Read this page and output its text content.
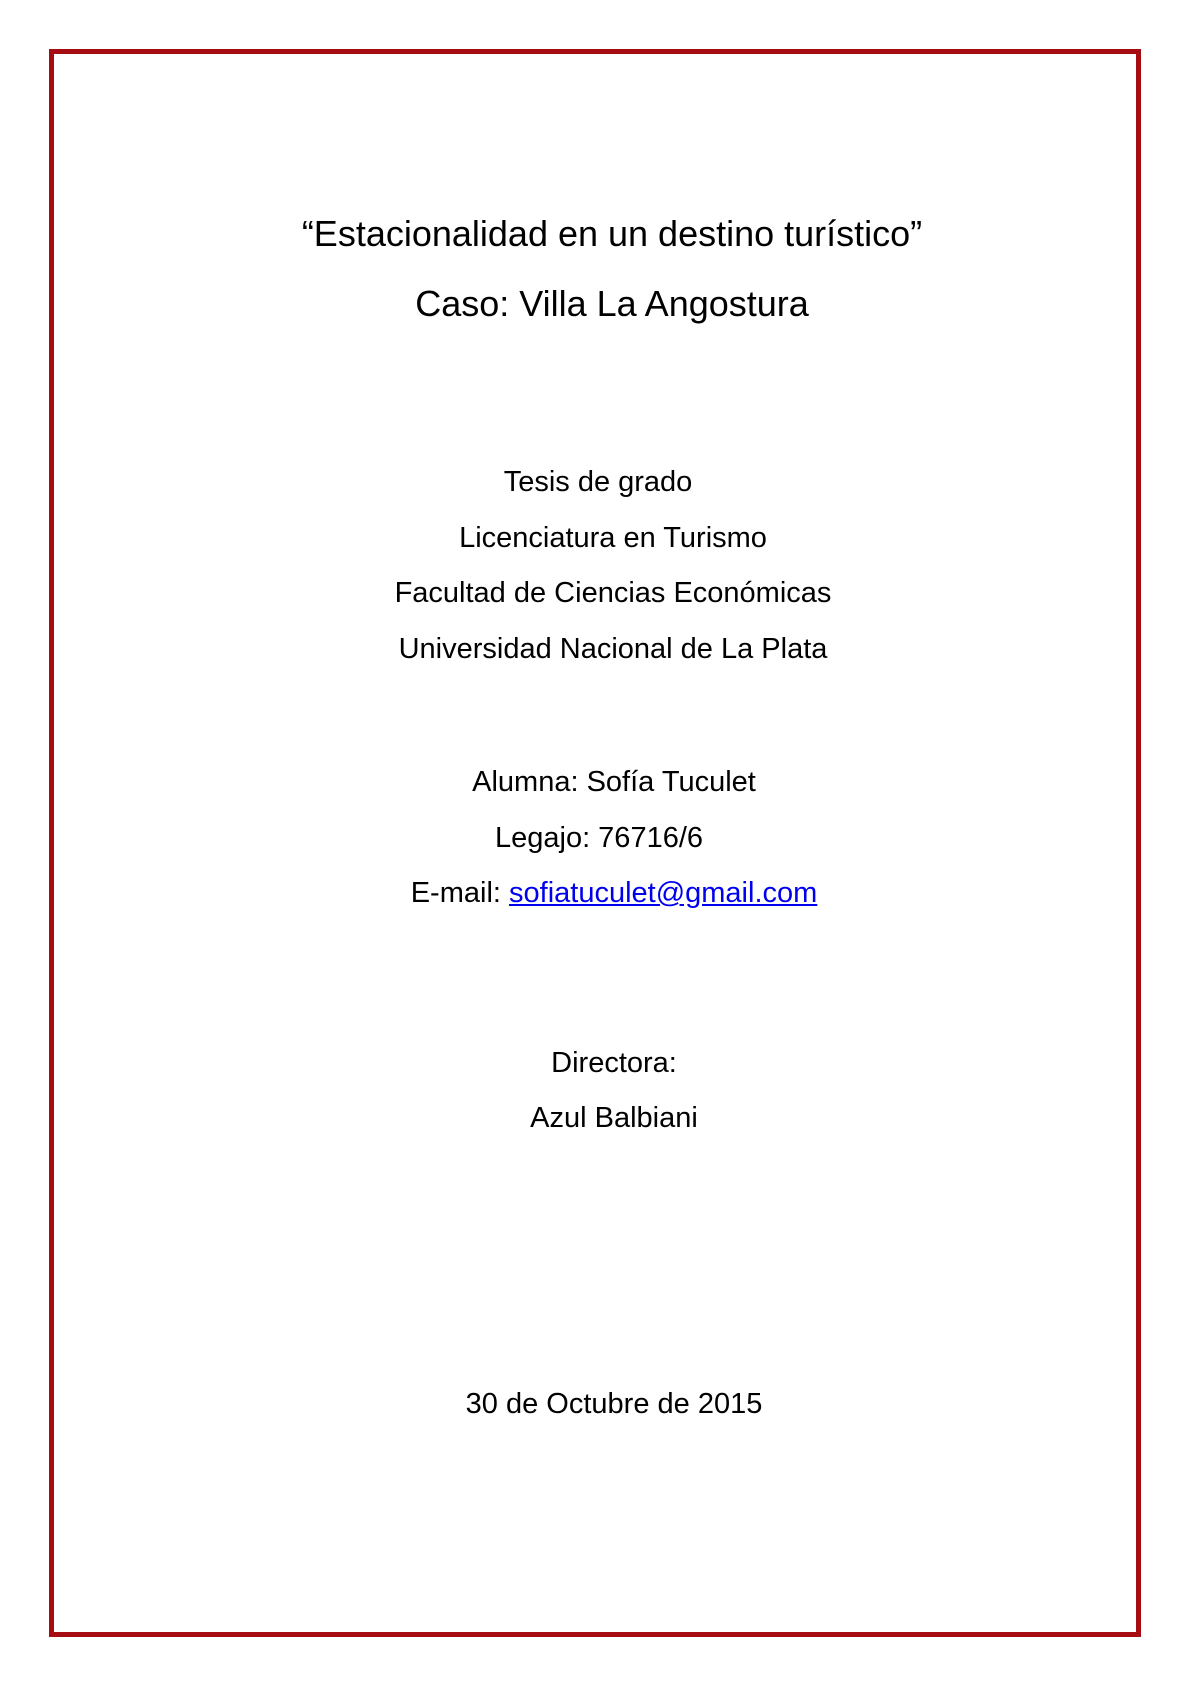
“Estacionalidad en un destino turístico”
Caso: Villa La Angostura
Tesis de grado
Licenciatura en Turismo
Facultad de Ciencias Económicas
Universidad Nacional de La Plata
Alumna: Sofía Tuculet
Legajo: 76716/6
E-mail: sofiatuculet@gmail.com
Directora:
Azul Balbiani
30 de Octubre de 2015
